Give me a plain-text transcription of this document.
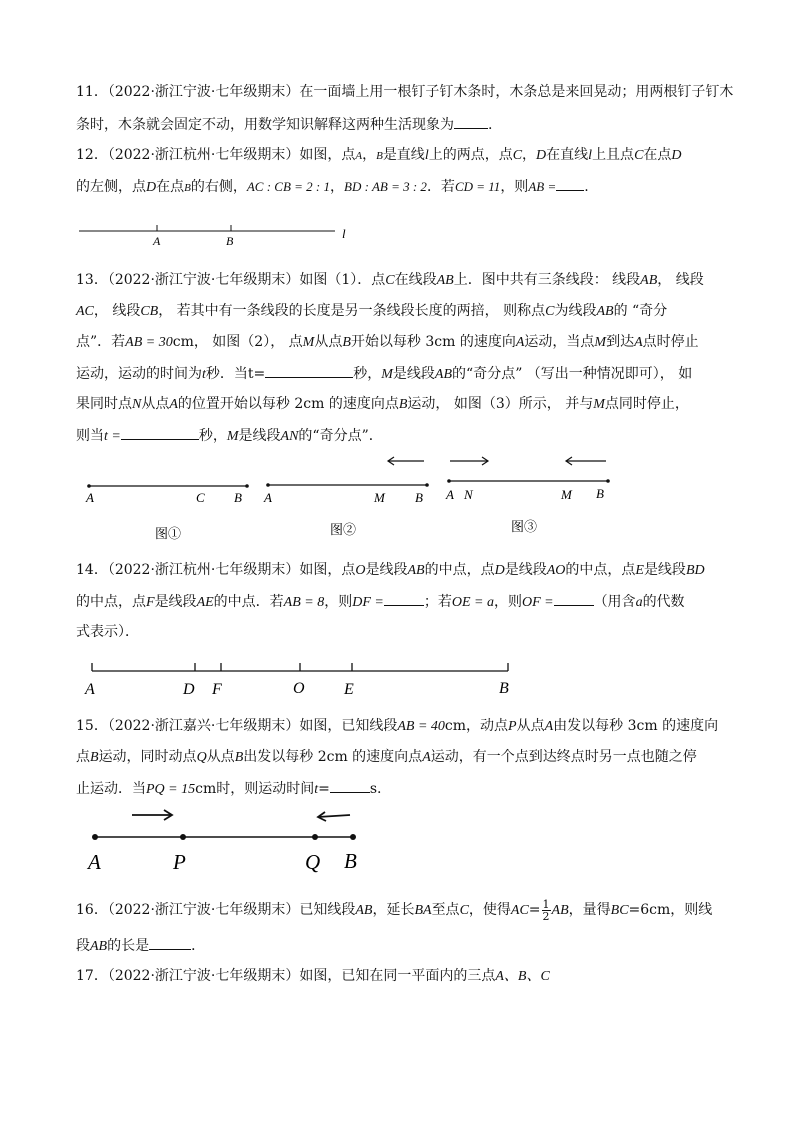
11．（2022·浙江宁波·七年级期末）在一面墙上用一根钉子钉木条时，木条总是来回晃动；用两根钉子钉木
条时，木条就会固定不动，用数学知识解释这两种生活现象为 .
12．（2022·浙江杭州·七年级期末）如图，点A，B是直线l上的两点，点C，D在直线l上且点C在点D
的左侧，点D在点B的右侧，AC : CB = 2 : 1，BD : AB = 3 : 2．若CD = 11，则AB = .
A	B	l
13．（2022·浙江宁波·七年级期末）如图（1）．点C在线段AB上．图中共有三条线段： 线段AB， 线段
AC， 线段CB， 若其中有一条线段的长度是另一条线段长度的两掊， 则称点C为线段AB的 “奇分
点”．若AB = 30cm， 如图（2）， 点M从点B开始以每秒 3cm 的速度向A运动，当点M到达A点时停止
运动，运动的时间为t秒．当t=	秒，M是线段AB的“奇分点” （写出一种情况即可）， 如
果同时点N从点A的位置开始以每秒 2cm 的速度向点B运动， 如图（3）所示， 并与M点同时停止，
则当t =	秒，M是线段AN的“奇分点”．
A	C B
图①
A	M B
图②
A N	M B
图③
14．（2022·浙江杭州·七年级期末）如图，点O是线段AB的中点，点D是线段AO的中点，点E是线段BD
的中点，点F是线段AE的中点．若AB = 8，则DF =	；若OE = a，则OF =	（用含a的代数
式表示）．
A	D F	O E	B
15．（2022·浙江嘉兴·七年级期末）如图，已知线段AB = 40cm，动点P从点A由发以每秒 3cm 的速度向
点B运动，同时动点Q从点B出发以每秒 2cm 的速度向点A运动，有一个点到达终点时另一点也随之停
止运动．当PQ = 15cm时，则运动时间t=	s.
A	P	Q B
16．（2022·浙江宁波·七年级期末）已知线段AB，延长BA至点C，使得$AC= \frac{1}{2}$ AB，量得BC=6cm，则线
段AB的长是	．
17．（2022·浙江宁波·七年级期末）如图，已知在同一平面内的三点A、B、C
